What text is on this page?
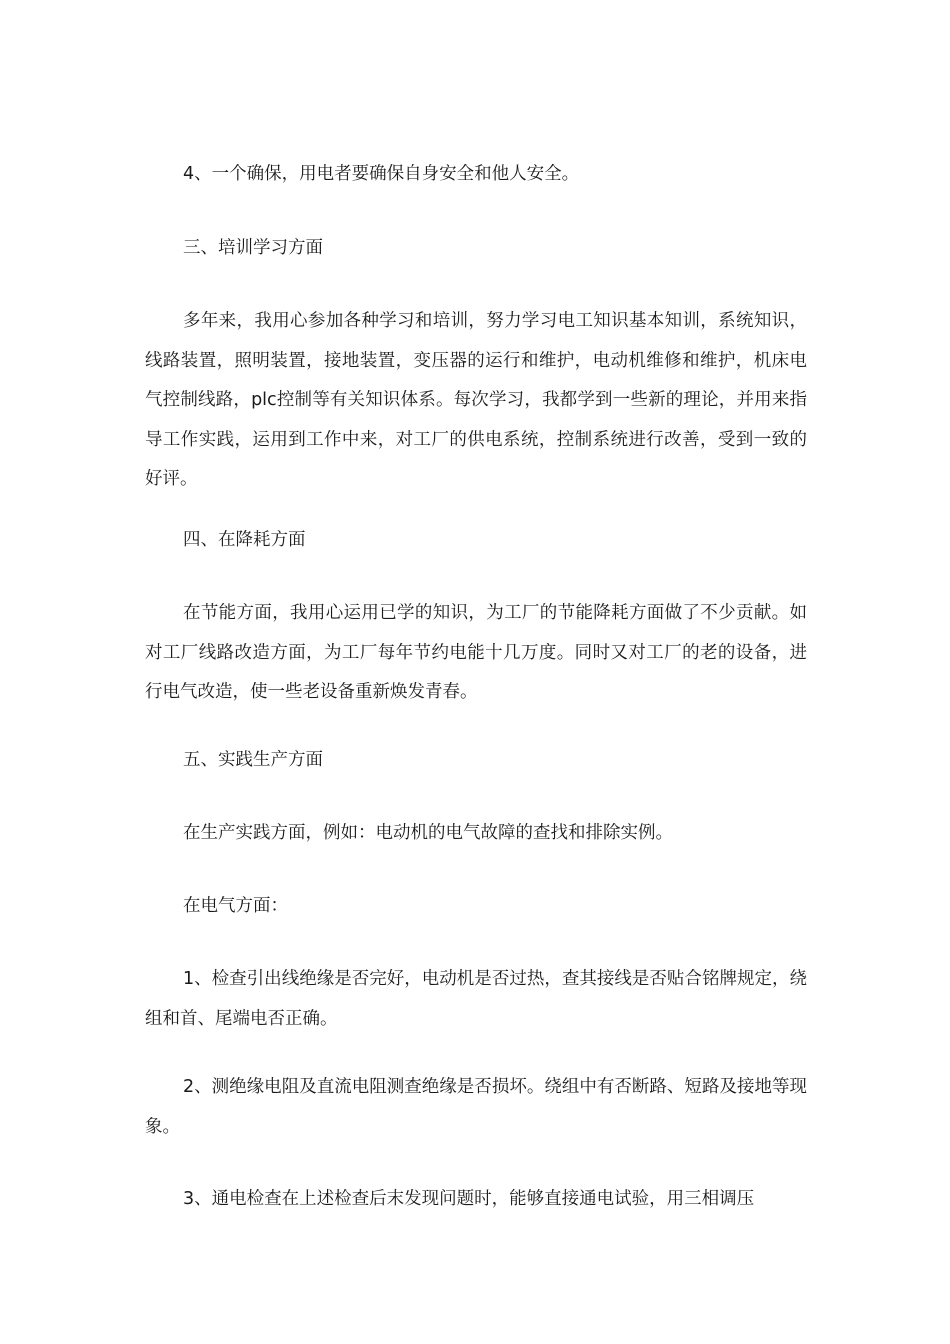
4、一个确保，用电者要确保自身安全和他人安全。

三、培训学习方面

多年来，我用心参加各种学习和培训，努力学习电工知识基本知训，系统知识，线路装置，照明装置，接地装置，变压器的运行和维护，电动机维修和维护，机床电气控制线路，plc控制等有关知识体系。每次学习，我都学到一些新的理论，并用来指导工作实践，运用到工作中来，对工厂的供电系统，控制系统进行改善，受到一致的好评。

四、在降耗方面

在节能方面，我用心运用已学的知识，为工厂的节能降耗方面做了不少贡献。如对工厂线路改造方面，为工厂每年节约电能十几万度。同时又对工厂的老的设备，进行电气改造，使一些老设备重新焕发青春。

五、实践生产方面

在生产实践方面，例如：电动机的电气故障的查找和排除实例。

在电气方面：

1、检查引出线绝缘是否完好，电动机是否过热，查其接线是否贴合铭牌规定，绕组和首、尾端电否正确。

2、测绝缘电阻及直流电阻测查绝缘是否损坏。绕组中有否断路、短路及接地等现象。

3、通电检查在上述检查后末发现问题时，能够直接通电试验，用三相调压
